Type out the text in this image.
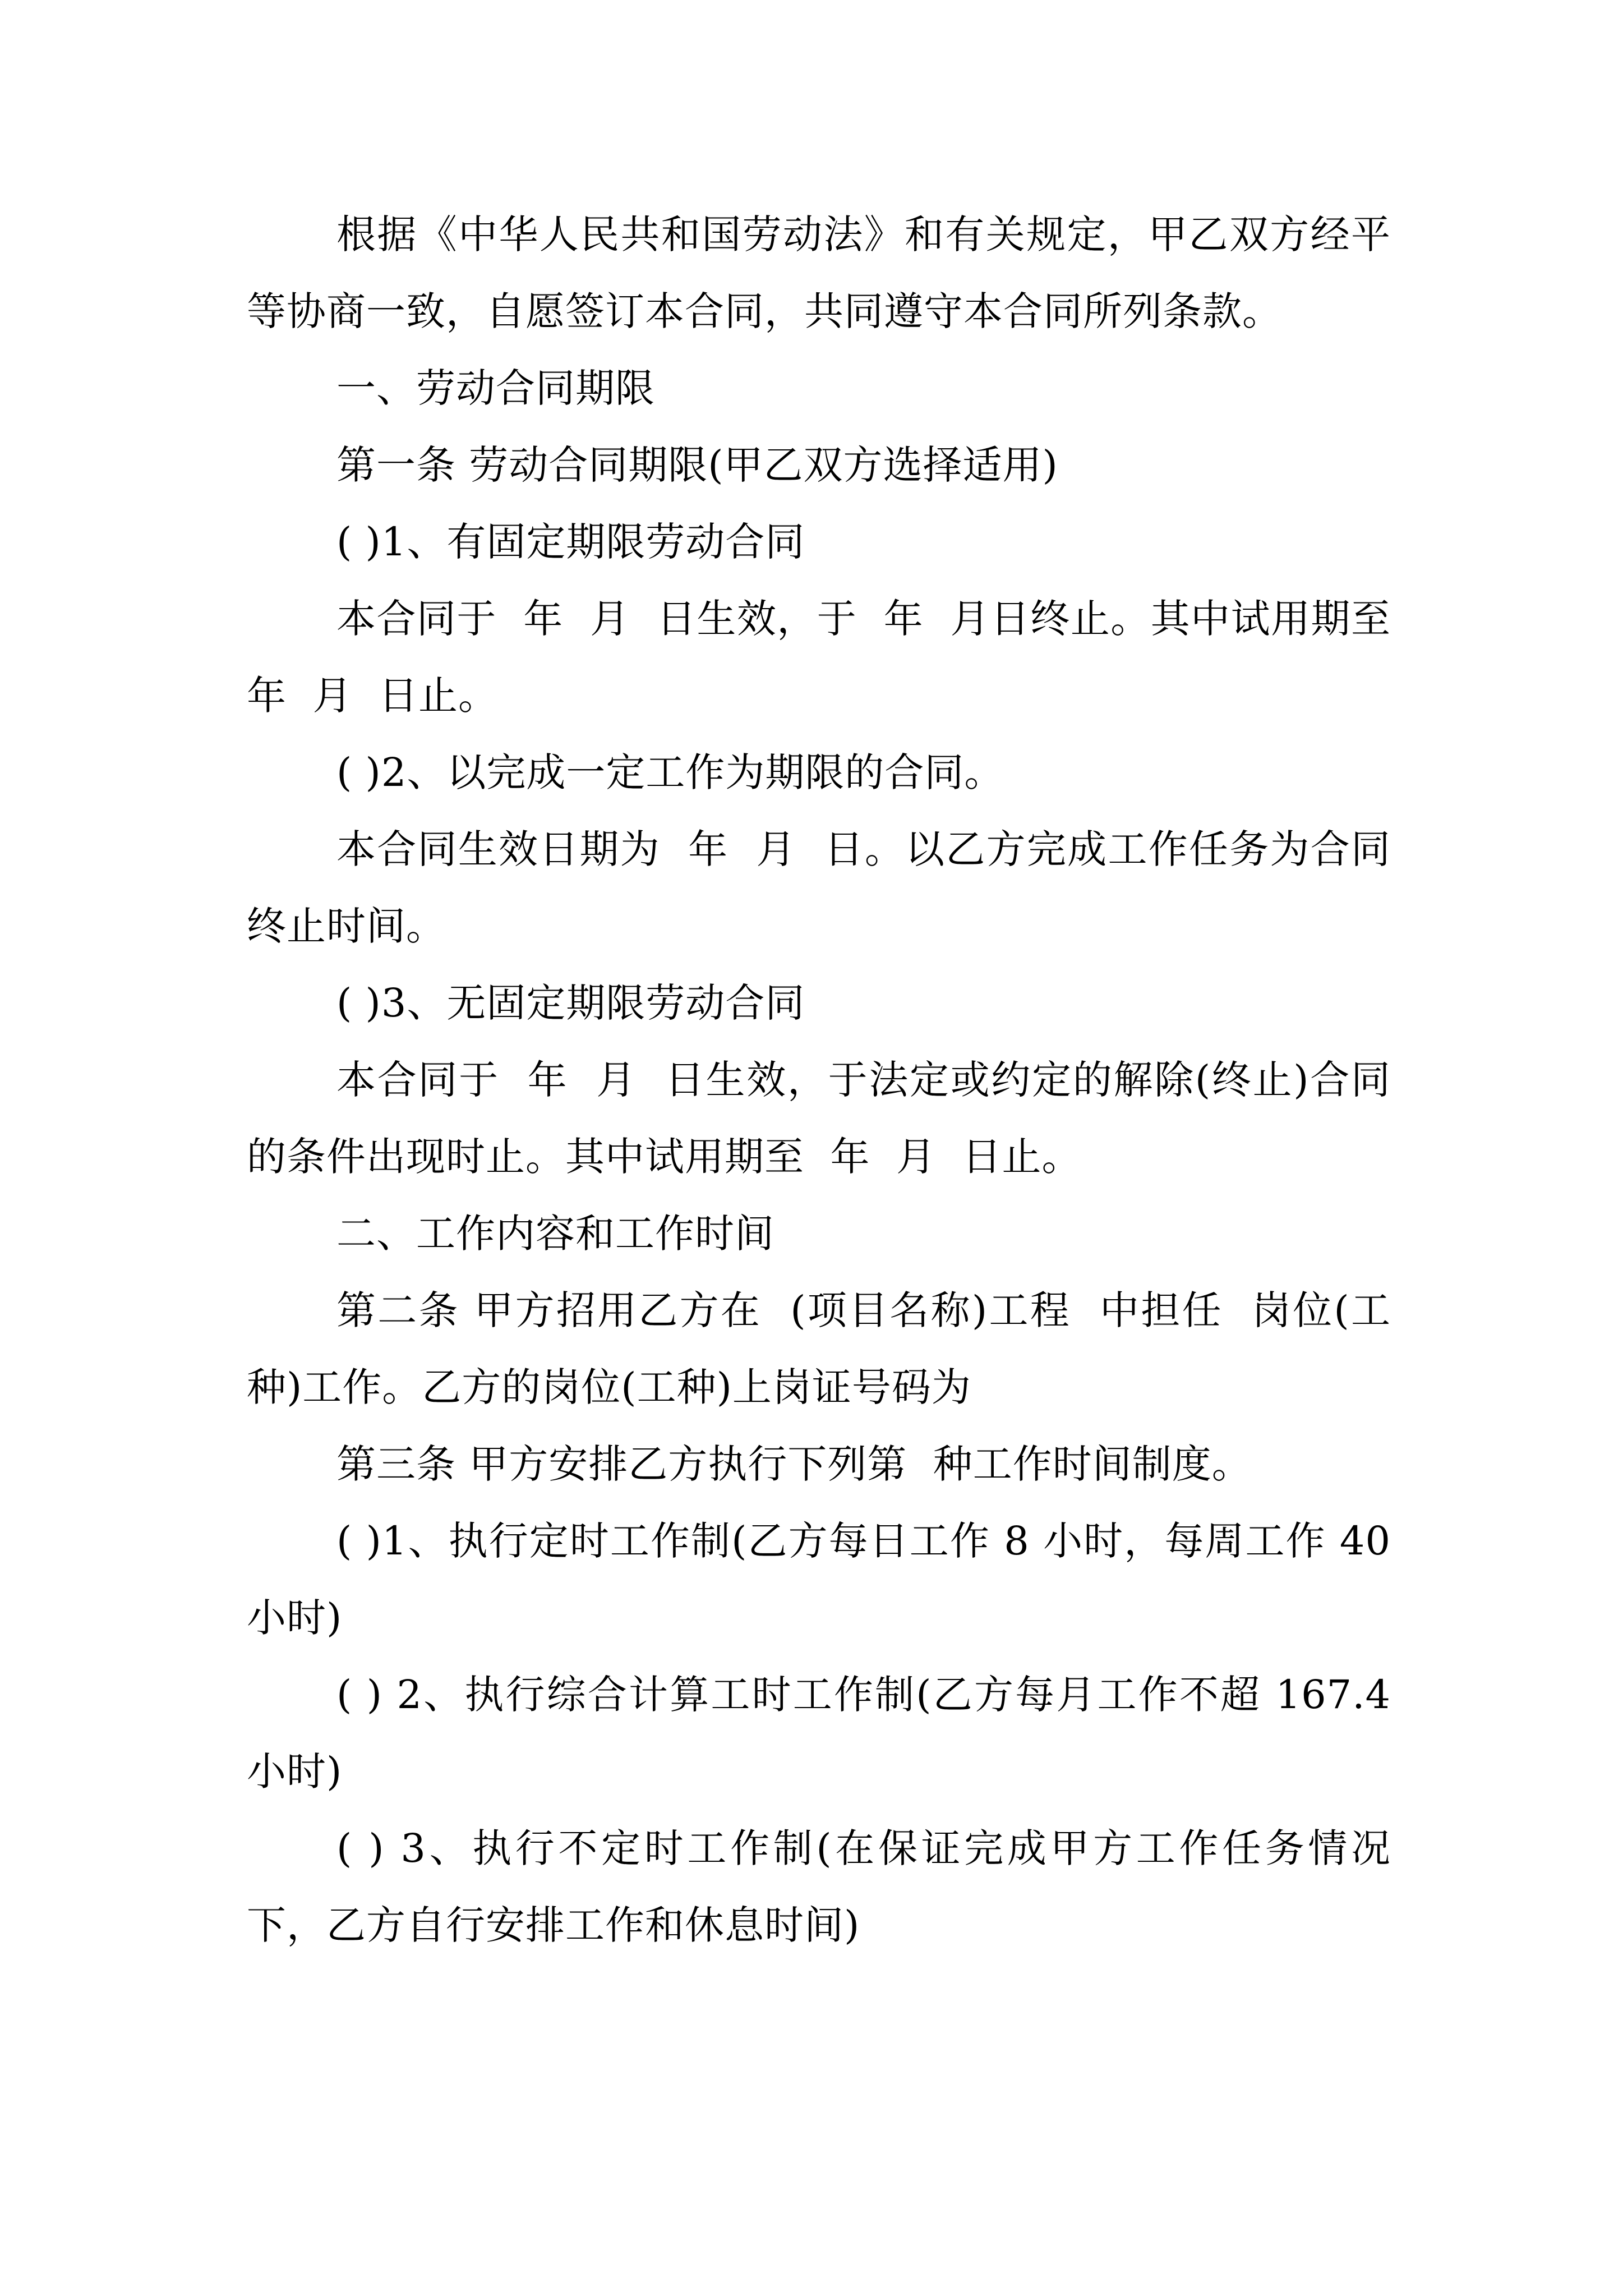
根据《中华人民共和国劳动法》和有关规定，甲乙双方经平等协商一致，自愿签订本合同，共同遵守本合同所列条款。

一、劳动合同期限

第一条 劳动合同期限(甲乙双方选择适用)

( )1、有固定期限劳动合同

本合同于  年  月  日生效，于  年  月日终止。其中试用期至  年  月  日止。

( )2、以完成一定工作为期限的合同。

本合同生效日期为  年  月  日。以乙方完成工作任务为合同终止时间。

( )3、无固定期限劳动合同

本合同于  年  月  日生效，于法定或约定的解除(终止)合同的条件出现时止。其中试用期至  年  月  日止。

二、工作内容和工作时间

第二条 甲方招用乙方在  (项目名称)工程  中担任  岗位(工种)工作。乙方的岗位(工种)上岗证号码为

第三条 甲方安排乙方执行下列第  种工作时间制度。

( )1、执行定时工作制(乙方每日工作 8 小时，每周工作 40 小时)

( ) 2、执行综合计算工时工作制(乙方每月工作不超 167.4 小时)

( ) 3、执行不定时工作制(在保证完成甲方工作任务情况下，乙方自行安排工作和休息时间)
